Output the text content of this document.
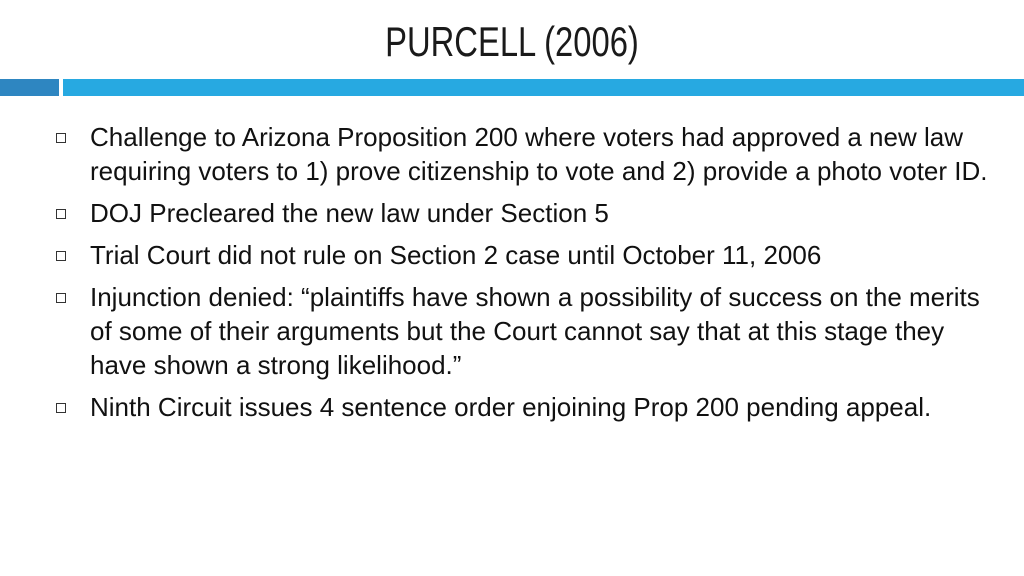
PURCELL (2006)
Challenge to Arizona Proposition 200 where voters had approved a new law requiring voters to 1) prove citizenship to vote and 2) provide a photo voter ID.
DOJ Precleared the new law under Section 5
Trial Court did not rule on Section 2 case until October 11, 2006
Injunction denied: “plaintiffs have shown a possibility of success on the merits of some of their arguments but the Court cannot say that at this stage they have shown a strong likelihood.”
Ninth Circuit issues 4 sentence order enjoining Prop 200 pending appeal.
